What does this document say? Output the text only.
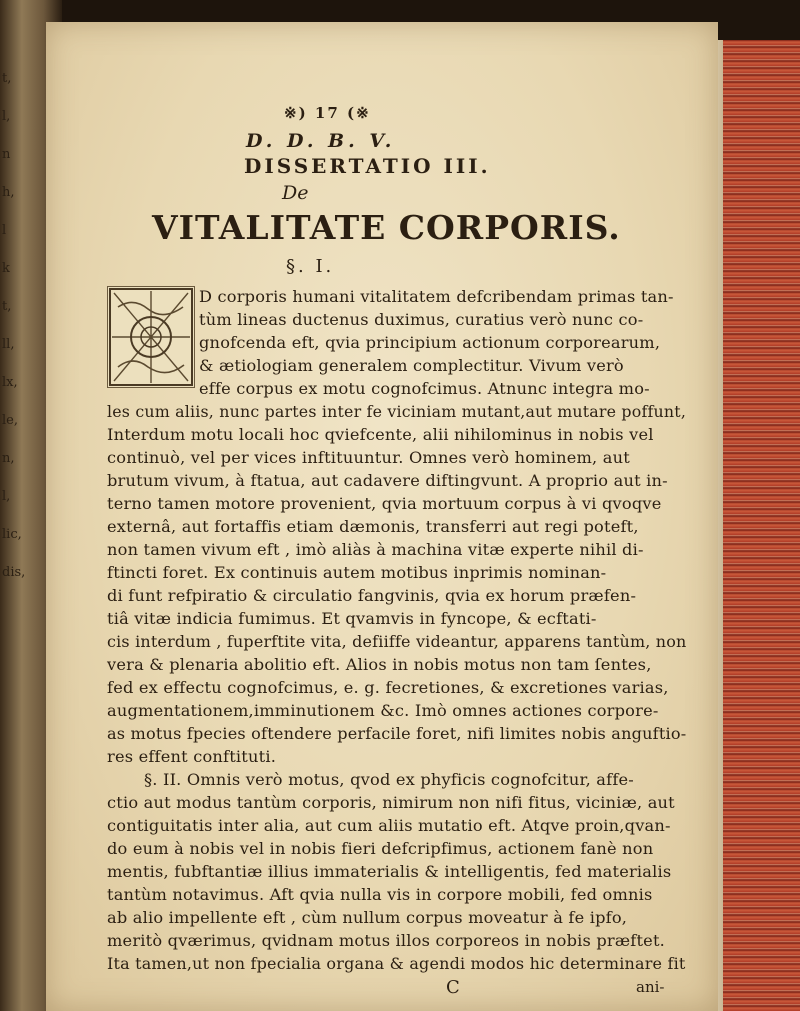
t,
l,
n
h,
l
k
t,
ll,
lx,
le,
n,
l,
lic,
dis,
※) 17 (※
D. D. B. V.
DISSERTATIO III.
De
VITALITATE CORPORIS.
§. I.
D corporis humani vitalitatem defcribendam primas tan-
tùm lineas ductenus duximus, curatius verò nunc co-
gnofcenda eft, qvia principium actionum corporearum,
& ætiologiam generalem complectitur. Vivum verò
effe corpus ex motu cognofcimus. Atnunc integra mo-
les cum aliis, nunc partes inter fe viciniam mutant,aut mutare poffunt,
Interdum motu locali hoc qviefcente, alii nihilominus in nobis vel
continuò, vel per vices inftituuntur. Omnes verò hominem, aut
brutum vivum, à ftatua, aut cadavere diftingvunt. A proprio aut in-
terno tamen motore provenient, qvia mortuum corpus à vi qvoqve
externâ, aut fortaffis etiam dæmonis, transferri aut regi poteft,
non tamen vivum eft , imò aliàs à machina vitæ experte nihil di-
ftincti foret. Ex continuis autem motibus inprimis nominan-
di funt refpiratio & circulatio fangvinis, qvia ex horum præfen-
tiâ vitæ indicia fumimus. Et qvamvis in fyncope, & ecftati-
cis interdum , fuperftite vita, defiiffe videantur, apparens tantùm, non
vera & plenaria abolitio eft. Alios in nobis motus non tam ſentes,
fed ex effectu cognofcimus, e. g. fecretiones, & excretiones varias,
augmentationem,imminutionem &c. Imò omnes actiones corpore-
as motus fpecies oftendere perfacile foret, nifi limites nobis anguftio-
res effent conftituti.
§. II. Omnis verò motus, qvod ex phyficis cognofcitur, affe-
ctio aut modus tantùm corporis, nimirum non nifi fitus, viciniæ, aut
contiguitatis inter alia, aut cum aliis mutatio eft. Atqve proin,qvan-
do eum à nobis vel in nobis fieri defcripfimus, actionem fanè non
mentis, fubftantiæ illius immaterialis & intelligentis, fed materialis
tantùm notavimus. Aft qvia nulla vis in corpore mobili, fed omnis
ab alio impellente eft , cùm nullum corpus moveatur à fe ipfo,
meritò qværimus, qvidnam motus illos corporeos in nobis præftet.
Ita tamen,ut non fpecialia organa & agendi modos hic determinare fit
C	ani-
